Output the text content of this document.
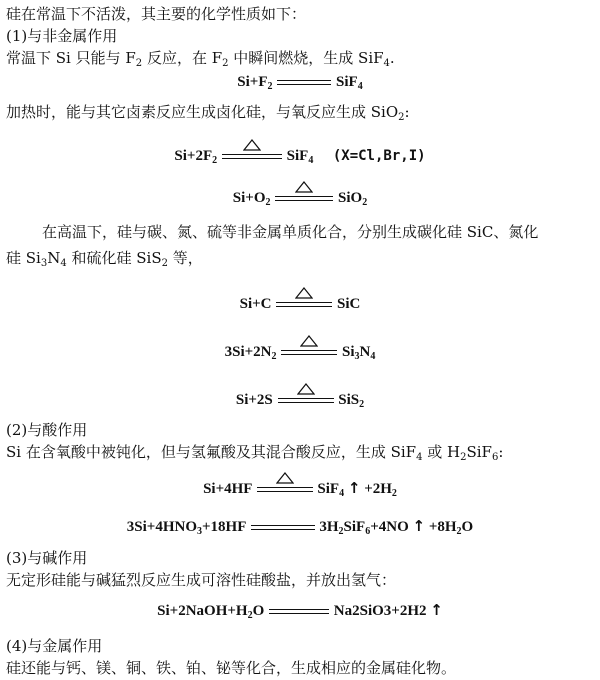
硅在常温下不活泼，其主要的化学性质如下：
(1)与非金属作用
常温下 Si 只能与 $F_2$ 反应，在 $F_2$ 中瞬间燃烧，生成 SiF$_4$.
$Si+F_2$	SiF$_4$
加热时，能与其它卤素反应生成卤化硅，与氧反应生成 SiO$_2$:
$Si+2F_2$	SiF$_4$ (X=Cl,Br,I)
$Si+O_2$	SiO$_2$
在高温下，硅与碳、氮、硫等非金属单质化合，分别生成碳化硅 SiC、氮化
硅 $Si_3N_4$ 和硫化硅 SiS$_2$ 等，
Si+C	SiC
$3Si+2N_2$	$Si_3N_4$
Si+2S	SiS$_2$
(2)与酸作用
Si 在含氧酸中被钝化，但与氢氟酸及其混合酸反应，生成 SiF$_4$ 或 $H_2SiF_6$:
Si+4HF	SiF$_4$ ↑ $+2H_2$
$3Si+4HNO_3+18HF$	$3H_2SiF_6+4NO$ ↑ $+8H_2O$
(3)与碱作用
无定形硅能与碱猛烈反应生成可溶性硅酸盐，并放出氢气：
$Si+2NaOH+H_2O$	Na2SiO3+2H2 ↑
(4)与金属作用
硅还能与钙、镁、铜、铁、铂、铋等化合，生成相应的金属硅化物。
